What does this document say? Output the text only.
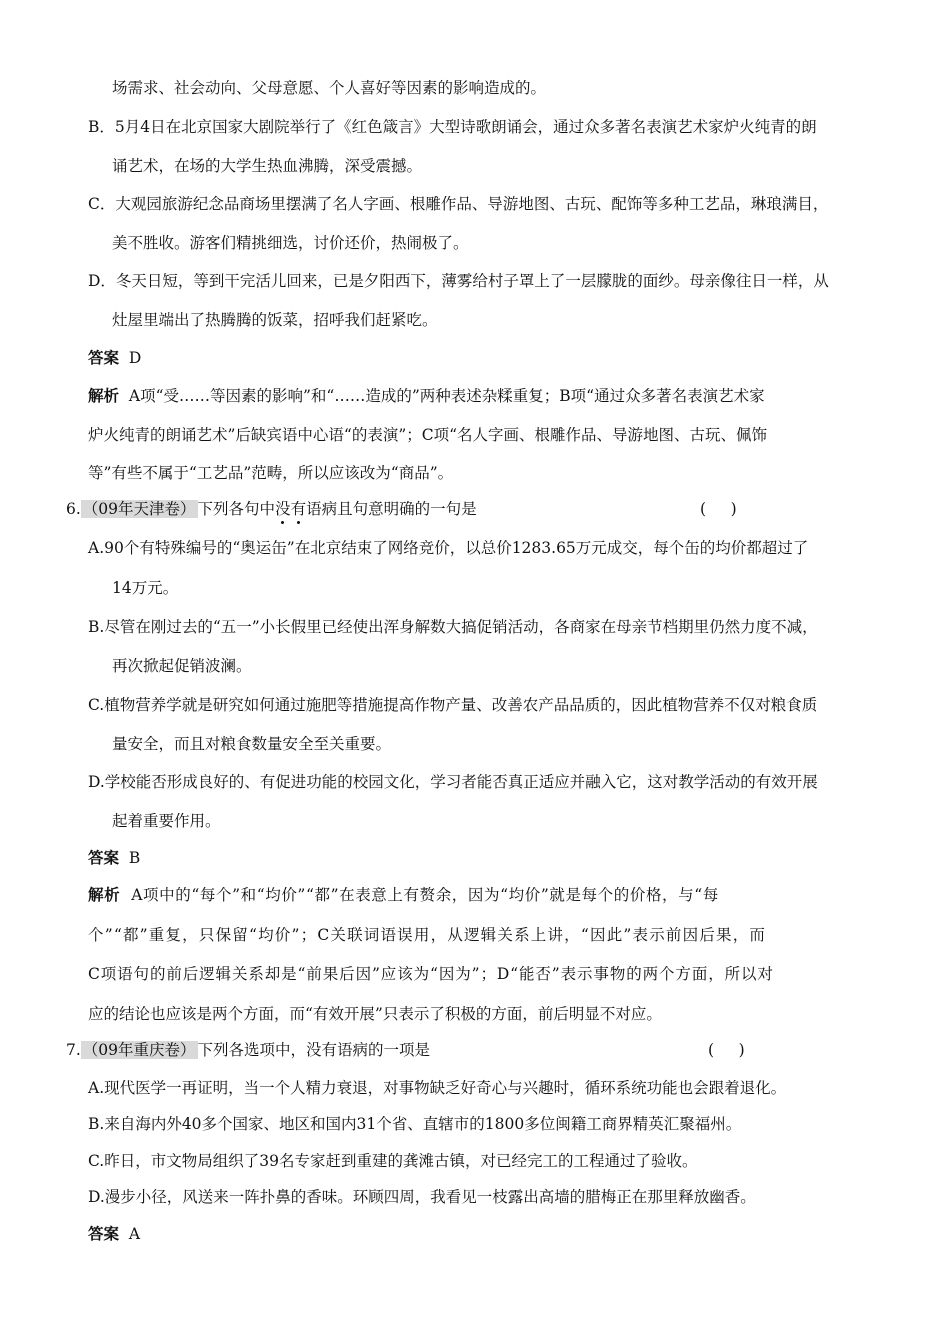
场需求、社会动向、父母意愿、个人喜好等因素的影响造成的。
B．5月4日在北京国家大剧院举行了《红色箴言》大型诗歌朗诵会，通过众多著名表演艺术家炉火纯青的朗
诵艺术，在场的大学生热血沸腾，深受震撼。
C．大观园旅游纪念品商场里摆满了名人字画、根雕作品、导游地图、古玩、配饰等多种工艺品，琳琅满目，
美不胜收。游客们精挑细选，讨价还价，热闹极了。
D．冬天日短，等到干完活儿回来，已是夕阳西下，薄雾给村子罩上了一层朦胧的面纱。母亲像往日一样，从
灶屋里端出了热腾腾的饭菜，招呼我们赶紧吃。
答案 D
解析 A项“受……等因素的影响”和“……造成的”两种表述杂糅重复；B项“通过众多著名表演艺术家
炉火纯青的朗诵艺术”后缺宾语中心语“的表演”；C项“名人字画、根雕作品、导游地图、古玩、佩饰
等”有些不属于“工艺品”范畴，所以应该改为“商品”。
6. （09年天津卷） 下列各句中没有语病且句意明确的一句是	(     )
A.90个有特殊编号的“奥运缶”在北京结束了网络竞价，以总价1283.65万元成交，每个缶的均价都超过了
14万元。
B.尽管在刚过去的“五一”小长假里已经使出浑身解数大搞促销活动，各商家在母亲节档期里仍然力度不减，
再次掀起促销波澜。
C.植物营养学就是研究如何通过施肥等措施提高作物产量、改善农产品品质的，因此植物营养不仅对粮食质
量安全，而且对粮食数量安全至关重要。
D.学校能否形成良好的、有促进功能的校园文化，学习者能否真正适应并融入它，这对教学活动的有效开展
起着重要作用。
答案 B
解析 A项中的“每个”和“均价”“都”在表意上有赘余，因为“均价”就是每个的价格，与“每
个”“都”重复，只保留“均价”；C关联词语误用，从逻辑关系上讲，“因此”表示前因后果，而
C项语句的前后逻辑关系却是“前果后因”应该为“因为”；D“能否”表示事物的两个方面，所以对
应的结论也应该是两个方面，而“有效开展”只表示了积极的方面，前后明显不对应。
7. （09年重庆卷） 下列各选项中，没有语病的一项是	(     )
A.现代医学一再证明，当一个人精力衰退，对事物缺乏好奇心与兴趣时，循环系统功能也会跟着退化。
B.来自海内外40多个国家、地区和国内31个省、直辖市的1800多位闽籍工商界精英汇聚福州。
C.昨日，市文物局组织了39名专家赶到重建的龚滩古镇，对已经完工的工程通过了验收。
D.漫步小径，风送来一阵扑鼻的香味。环顾四周，我看见一枝露出高墙的腊梅正在那里释放幽香。
答案 A
